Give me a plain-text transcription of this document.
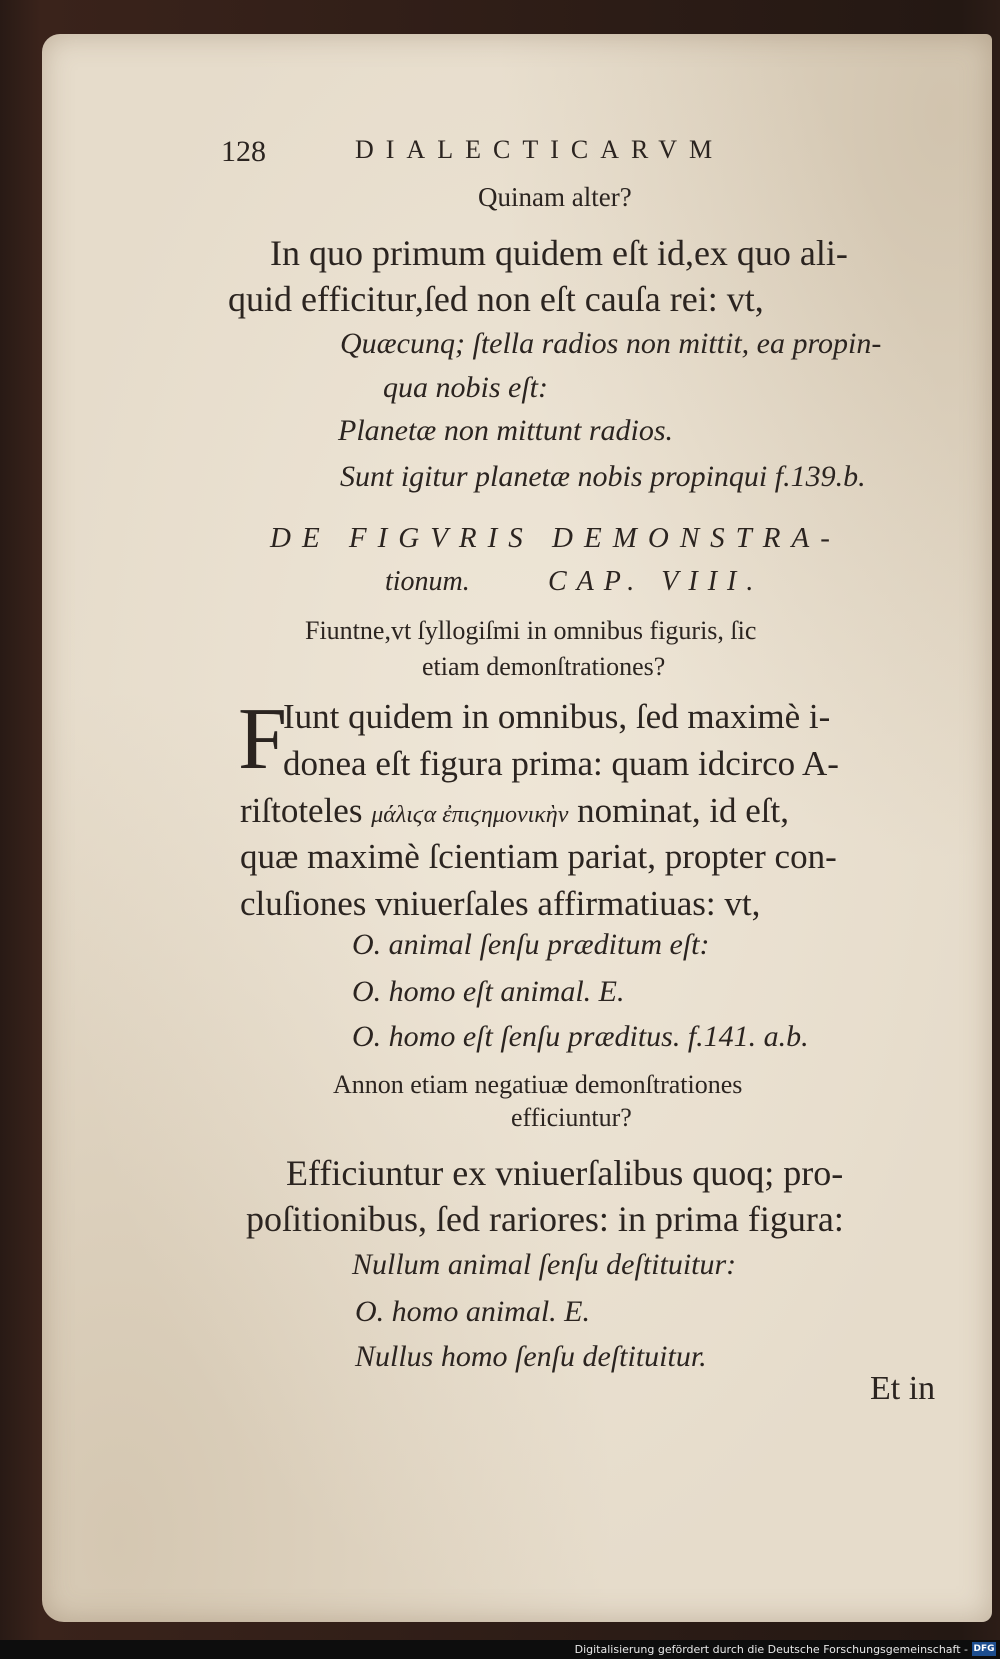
128	DIALECTICARVM
Quinam alter?
In quo primum quidem eſt id,ex quo ali-
quid efficitur,ſed non eſt cauſa rei: vt,
Quæcunq; ſtella radios non mittit, ea propin-
qua nobis eſt:
Planetæ non mittunt radios.
Sunt igitur planetæ nobis propinqui f.139.b.
DE FIGVRIS DEMONSTRA-
tionum.	CAP. VIII.
Fiuntne,vt ſyllogiſmi in omnibus figuris, ſic
etiam demonſtrationes?
F
Iunt quidem in omnibus, ſed maximè i-
donea eſt figura prima: quam idcirco A-
riſtoteles μάλιϛα ἐπιϛημονικὴν nominat, id eſt,
quæ maximè ſcientiam pariat, propter con-
cluſiones vniuerſales affirmatiuas: vt,
O. animal ſenſu præditum eſt:
O. homo eſt animal. E.
O. homo eſt ſenſu præditus. f.141. a.b.
Annon etiam negatiuæ demonſtrationes
efficiuntur?
Efficiuntur ex vniuerſalibus quoq; pro-
poſitionibus, ſed rariores: in prima figura:
Nullum animal ſenſu deſtituitur:
O. homo animal. E.
Nullus homo ſenſu deſtituitur.
Et in
Digitalisierung gefördert durch die Deutsche Forschungsgemeinschaft - DFG
